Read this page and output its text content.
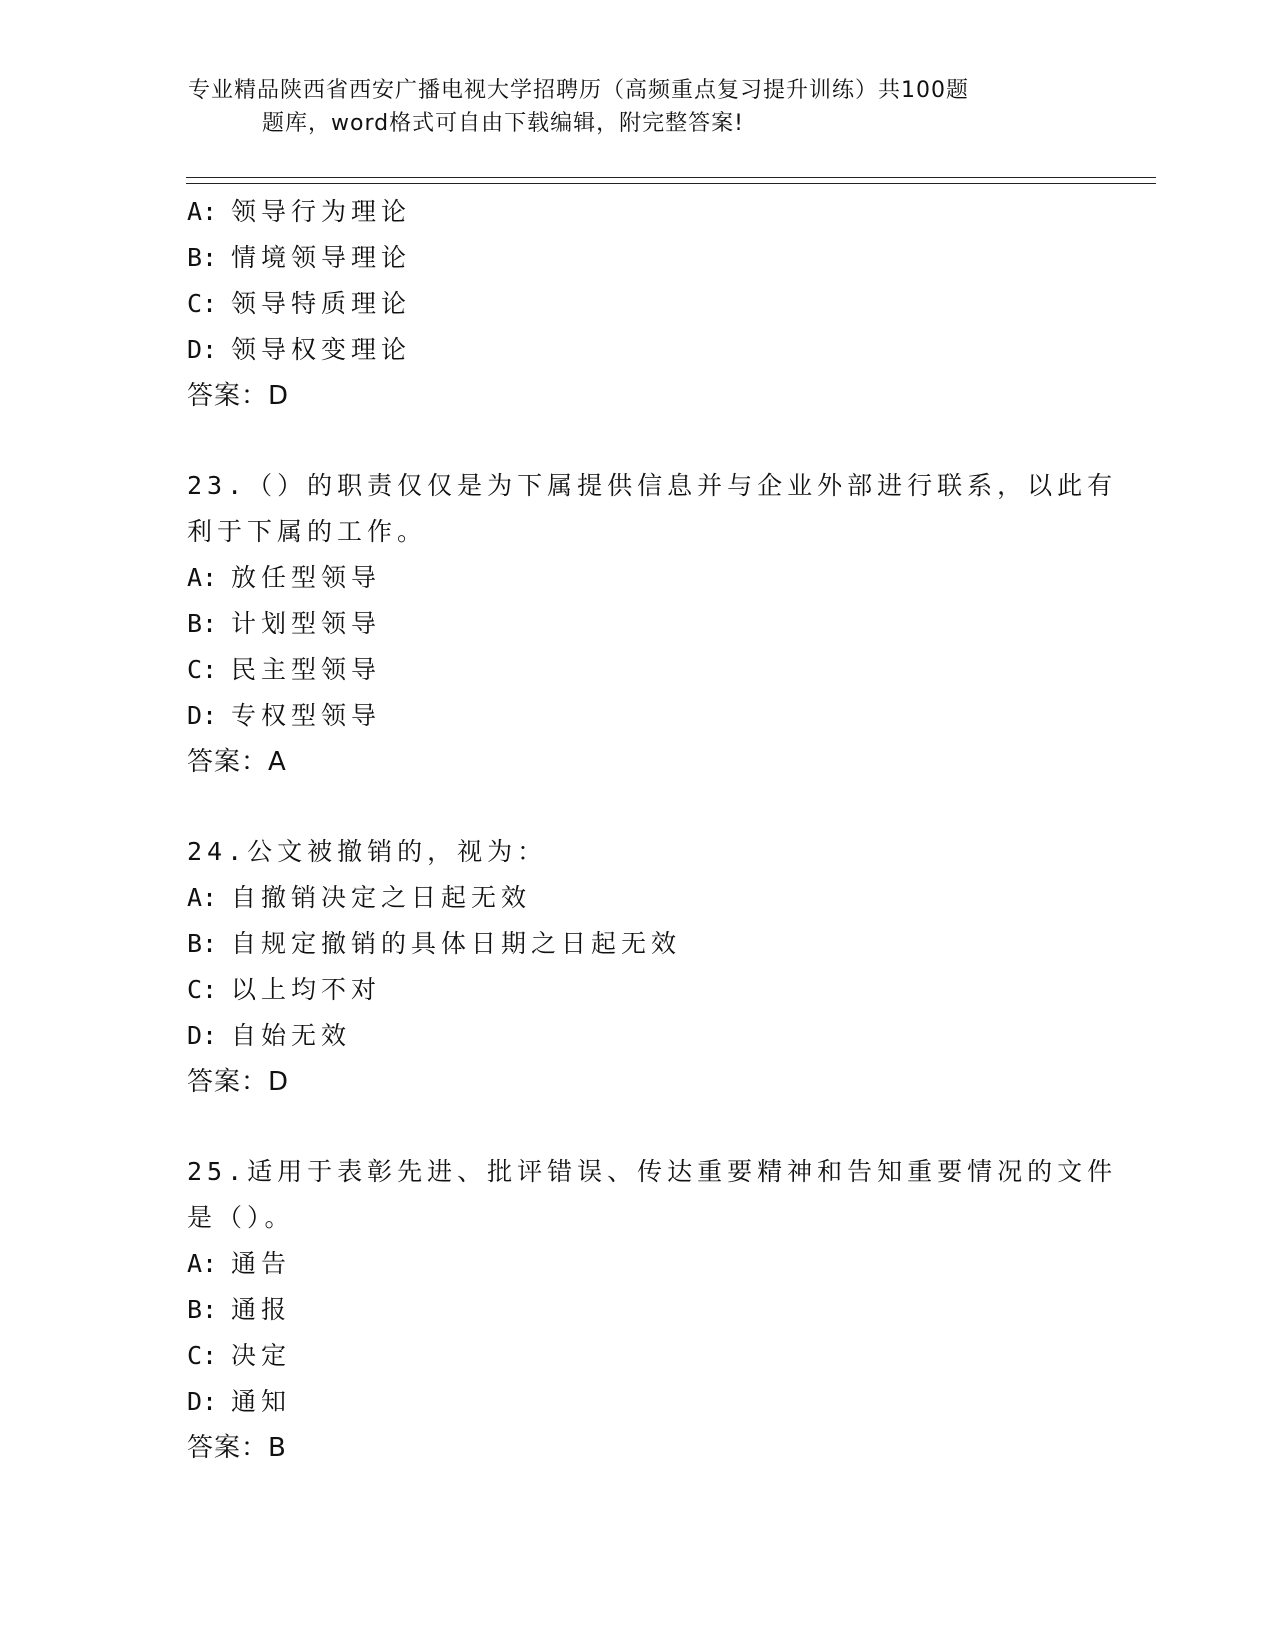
专业精品陕西省西安广播电视大学招聘历（高频重点复习提升训练）共100题
题库，word格式可自由下载编辑，附完整答案!
A: 领导行为理论
B: 情境领导理论
C: 领导特质理论
D: 领导权变理论
答案：D
23.（）的职责仅仅是为下属提供信息并与企业外部进行联系，以此有
利于下属的工作。
A: 放任型领导
B: 计划型领导
C: 民主型领导
D: 专权型领导
答案：A
24.公文被撤销的，视为：
A: 自撤销决定之日起无效
B: 自规定撤销的具体日期之日起无效
C: 以上均不对
D: 自始无效
答案：D
25.适用于表彰先进、批评错误、传达重要精神和告知重要情况的文件
是（）。
A: 通告
B: 通报
C: 决定
D: 通知
答案：B
